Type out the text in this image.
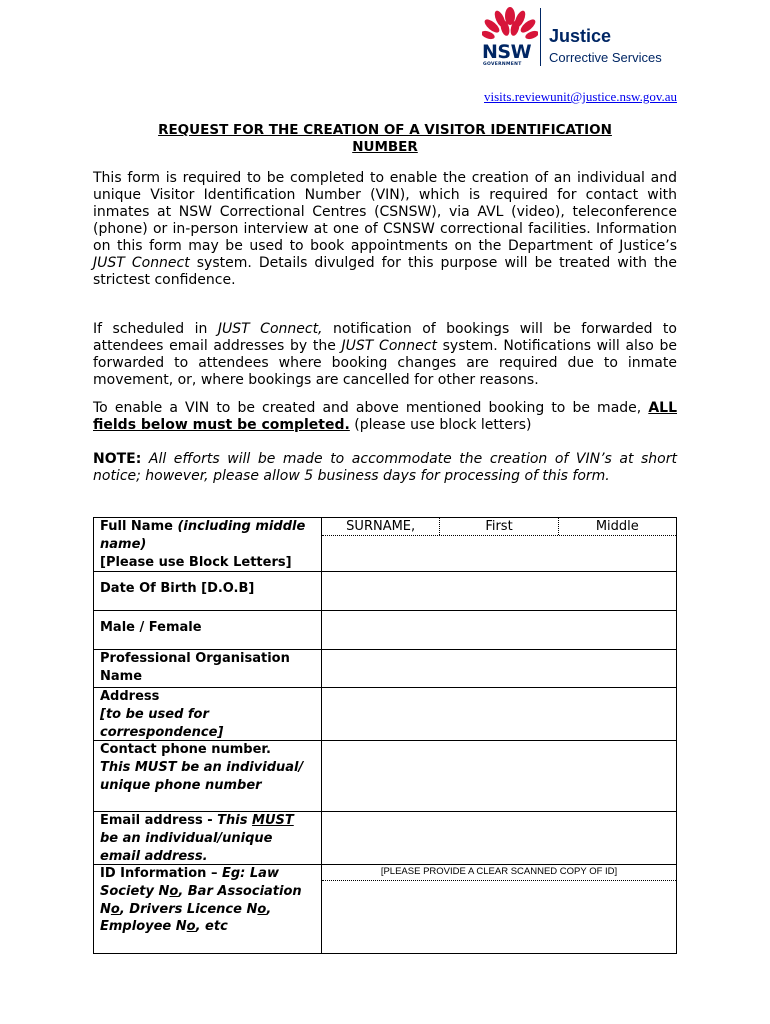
NSW
GOVERNMENT
Justice
Corrective Services
visits.reviewunit@justice.nsw.gov.au
REQUEST FOR THE CREATION OF A VISITOR IDENTIFICATION
NUMBER
This form is required to be completed to enable the creation of an individual and unique Visitor Identification Number (VIN), which is required for contact with inmates at NSW Correctional Centres (CSNSW), via AVL (video), teleconference (phone) or in-person interview at one of CSNSW correctional facilities. Information on this form may be used to book appointments on the Department of Justice’s JUST Connect system. Details divulged for this purpose will be treated with the strictest confidence.
If scheduled in JUST Connect, notification of bookings will be forwarded to attendees email addresses by the JUST Connect system. Notifications will also be forwarded to attendees where booking changes are required due to inmate movement, or, where bookings are cancelled for other reasons.
To enable a VIN to be created and above mentioned booking to be made, ALL fields below must be completed. (please use block letters)
NOTE: All efforts will be made to accommodate the creation of VIN’s at short notice; however, please allow 5 business days for processing of this form.
Full Name (including middle name)
[Please use Block Letters]
SURNAME,	First	Middle
Date Of Birth [D.O.B]
Male / Female
Professional Organisation Name
Address
[to be used for correspondence]
Contact phone number.
This MUST be an individual/ unique phone number
Email address - This MUST be an individual/unique email address.
ID Information – Eg: Law Society No, Bar Association No, Drivers Licence No, Employee No, etc
[PLEASE PROVIDE A CLEAR SCANNED COPY OF ID]
